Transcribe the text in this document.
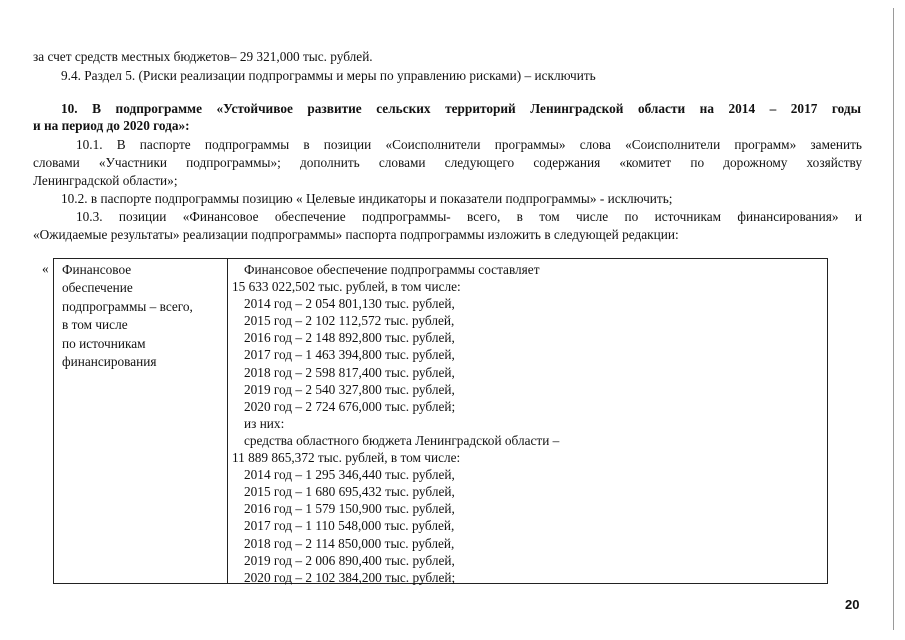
за счет средств местных бюджетов– 29 321,000 тыс. рублей.
9.4. Раздел 5. (Риски реализации подпрограммы и меры по управлению рисками) – исключить
10. В подпрограмме «Устойчивое развитие сельских территорий Ленинградской области на 2014 – 2017 годы
и на период до 2020 года»:
10.1. В паспорте подпрограммы в позиции «Соисполнители программы» слова «Соисполнители программ» заменить
словами «Участники подпрограммы»; дополнить словами следующего содержания «комитет по дорожному хозяйству
Ленинградской области»;
10.2. в паспорте подпрограммы позицию « Целевые индикаторы и показатели подпрограммы» - исключить;
10.3. позиции «Финансовое обеспечение подпрограммы- всего, в том числе по источникам финансирования» и
«Ожидаемые результаты» реализации подпрограммы» паспорта подпрограммы изложить в следующей редакции:
« Финансовое
обеспечение
подпрограммы – всего,
в том числе
по источникам
финансирования
Финансовое обеспечение подпрограммы составляет
15 633 022,502 тыс. рублей, в том числе:
2014 год – 2 054 801,130 тыс. рублей,
2015 год – 2 102 112,572 тыс. рублей,
2016 год – 2 148 892,800 тыс. рублей,
2017 год – 1 463 394,800 тыс. рублей,
2018 год – 2 598 817,400 тыс. рублей,
2019 год – 2 540 327,800 тыс. рублей,
2020 год – 2 724 676,000 тыс. рублей;
из них:
средства областного бюджета Ленинградской области –
11 889 865,372 тыс. рублей, в том числе:
2014 год – 1 295 346,440 тыс. рублей,
2015 год – 1 680 695,432 тыс. рублей,
2016 год – 1 579 150,900 тыс. рублей,
2017 год – 1 110 548,000 тыс. рублей,
2018 год – 2 114 850,000 тыс. рублей,
2019 год – 2 006 890,400 тыс. рублей,
2020 год – 2 102 384,200 тыс. рублей;
20
